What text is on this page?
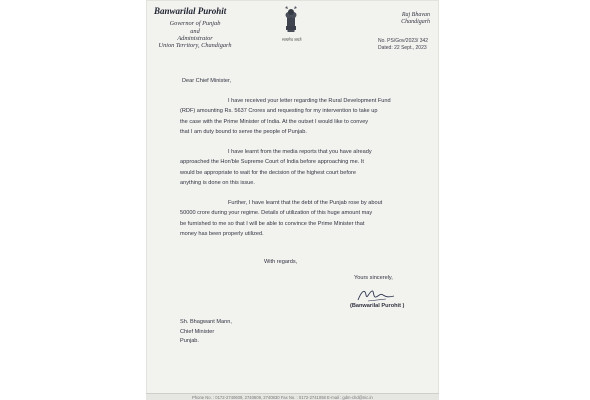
Banwarilal Purohit
Governor of Punjab
and
Administrator
Union Territory, Chandigarh
सत्यमेव जयते
Raj Bhavan
Chandigarh
No. PS/Gov/2023/ 342
Dated: 22 Sept., 2023
Dear Chief Minister,

I have received your letter regarding the Rural Development Fund

(RDF) amounting Rs. 5637 Crores and requesting for my intervention to take up

the case with the Prime Minister of India. At the outset I would like to convey

that I am duty bound to serve the people of Punjab.

I have learnt from the media reports that you have already

approached the Hon'ble Supreme Court of India before approaching me. It

would be appropriate to wait for the decision of the highest court before

anything is done on this issue.

Further, I have learnt that the debt of the Punjab rose by about

50000 crore during your regime. Details of utilization of this huge amount may

be furnished to me so that I will be able to convince the Prime Minister that

money has been properly utilized.

With regards,
Yours sincerely,
(Banwarilal Purohit )
Sh. Bhagwant Mann,
Chief Minister
Punjab.
Phone No. : 0172-2740609, 2740609, 2740830 Fax No. : 0172-2741058 E-mail : gdm-chd@nic.in
